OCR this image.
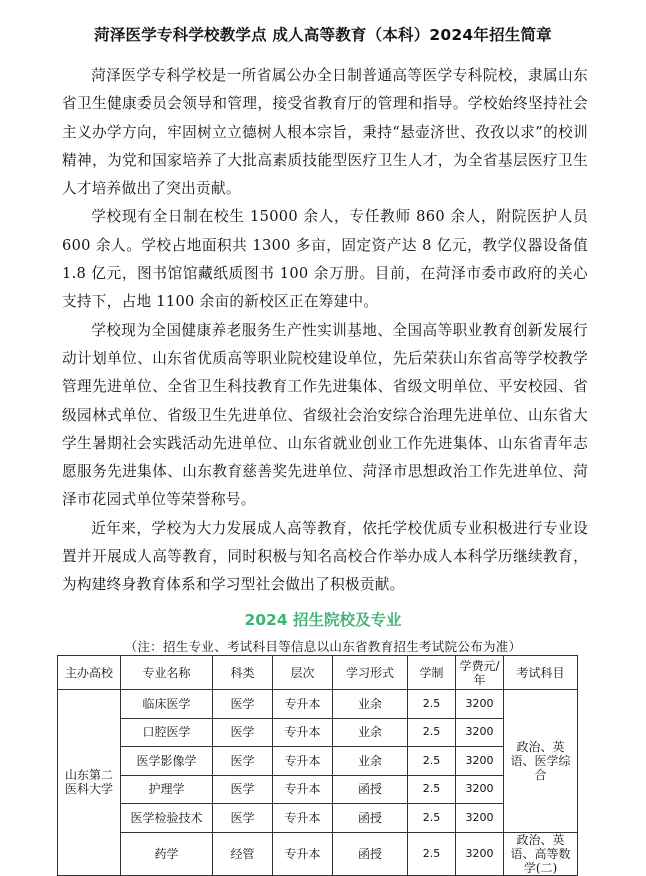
菏泽医学专科学校教学点 成人高等教育（本科）2024年招生简章

菏泽医学专科学校是一所省属公办全日制普通高等医学专科院校，隶属山东省卫生健康委员会领导和管理，接受省教育厅的管理和指导。学校始终坚持社会主义办学方向，牢固树立立德树人根本宗旨，秉持“悬壶济世、孜孜以求”的校训精神，为党和国家培养了大批高素质技能型医疗卫生人才，为全省基层医疗卫生人才培养做出了突出贡献。

学校现有全日制在校生 15000 余人，专任教师 860 余人，附院医护人员 600 余人。学校占地面积共 1300 多亩，固定资产达 8 亿元，教学仪器设备值 1.8 亿元，图书馆馆藏纸质图书 100 余万册。目前，在菏泽市委市政府的关心支持下，占地 1100 余亩的新校区正在筹建中。

学校现为全国健康养老服务生产性实训基地、全国高等职业教育创新发展行动计划单位、山东省优质高等职业院校建设单位，先后荣获山东省高等学校教学管理先进单位、全省卫生科技教育工作先进集体、省级文明单位、平安校园、省级园林式单位、省级卫生先进单位、省级社会治安综合治理先进单位、山东省大学生暑期社会实践活动先进单位、山东省就业创业工作先进集体、山东省青年志愿服务先进集体、山东教育慈善奖先进单位、菏泽市思想政治工作先进单位、菏泽市花园式单位等荣誉称号。

近年来，学校为大力发展成人高等教育，依托学校优质专业积极进行专业设置并开展成人高等教育，同时积极与知名高校合作举办成人本科学历继续教育，为构建终身教育体系和学习型社会做出了积极贡献。

2024 招生院校及专业
（注：招生专业、考试科目等信息以山东省教育招生考试院公布为准）
主办高校	专业名称	科类	层次	学习形式	学制	学费元/年	考试科目
山东第二医科大学	临床医学	医学	专升本	业余	2.5	3200	政治、英语、医学综合
	口腔医学	医学	专升本	业余	2.5	3200	
	医学影像学	医学	专升本	业余	2.5	3200	
	护理学	医学	专升本	函授	2.5	3200	
	医学检验技术	医学	专升本	函授	2.5	3200	
	药学	经管	专升本	函授	2.5	3200	政治、英语、高等数学(二)
